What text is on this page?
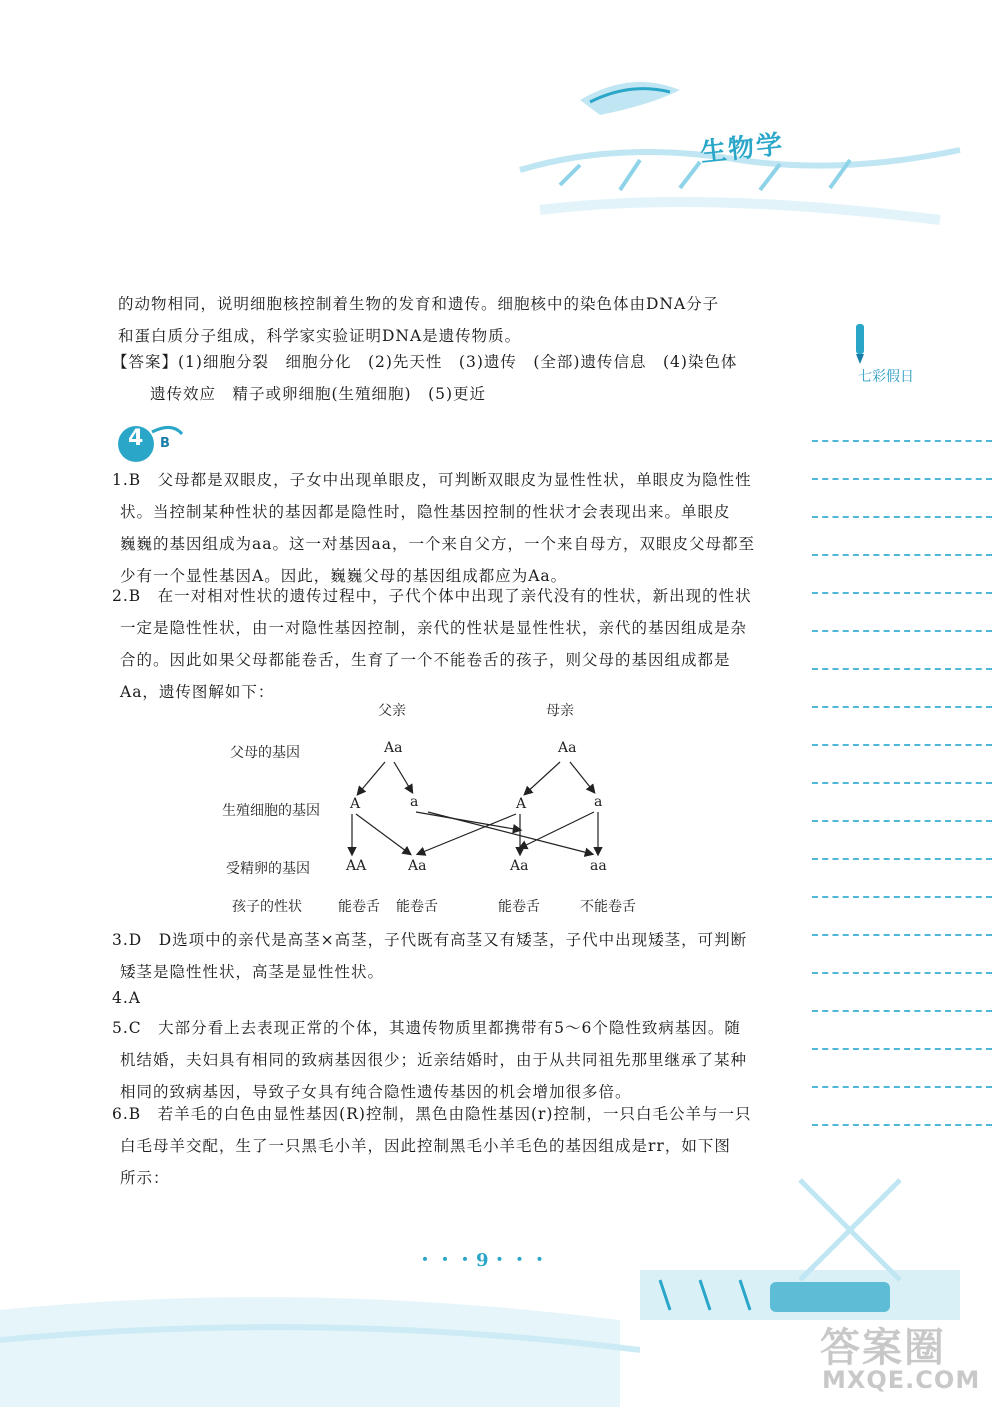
生物学
七彩假日
的动物相同，说明细胞核控制着生物的发育和遗传。细胞核中的染色体由DNA分子
和蛋白质分子组成，科学家实验证明DNA是遗传物质。
【答案】(1)细胞分裂　细胞分化　(2)先天性　(3)遗传　(全部)遗传信息　(4)染色体
遗传效应　精子或卵细胞(生殖细胞)　(5)更近
4 B
1.B　父母都是双眼皮，子女中出现单眼皮，可判断双眼皮为显性性状，单眼皮为隐性性
状。当控制某种性状的基因都是隐性时，隐性基因控制的性状才会表现出来。单眼皮
巍巍的基因组成为aa。这一对基因aa，一个来自父方，一个来自母方，双眼皮父母都至
少有一个显性基因A。因此，巍巍父母的基因组成都应为Aa。
2.B　在一对相对性状的遗传过程中，子代个体中出现了亲代没有的性状，新出现的性状
一定是隐性性状，由一对隐性基因控制，亲代的性状是显性性状，亲代的基因组成是杂
合的。因此如果父母都能卷舌，生育了一个不能卷舌的孩子，则父母的基因组成都是
Aa，遗传图解如下：
父亲	母亲
父母的基因
生殖细胞的基因
受精卵的基因
孩子的性状
Aa	Aa
A	a	A	a
AA	Aa	Aa	aa
能卷舌 能卷舌	能卷舌	不能卷舌
3.D　D选项中的亲代是高茎×高茎，子代既有高茎又有矮茎，子代中出现矮茎，可判断
矮茎是隐性性状，高茎是显性性状。
4.A
5.C　大部分看上去表现正常的个体，其遗传物质里都携带有5～6个隐性致病基因。随
机结婚，夫妇具有相同的致病基因很少；近亲结婚时，由于从共同祖先那里继承了某种
相同的致病基因，导致子女具有纯合隐性遗传基因的机会增加很多倍。
6.B　若羊毛的白色由显性基因(R)控制，黑色由隐性基因(r)控制，一只白毛公羊与一只
白毛母羊交配，生了一只黑毛小羊，因此控制黑毛小羊毛色的基因组成是rr，如下图
所示：
・・・9・・・
答案圈
MXQE.COM
